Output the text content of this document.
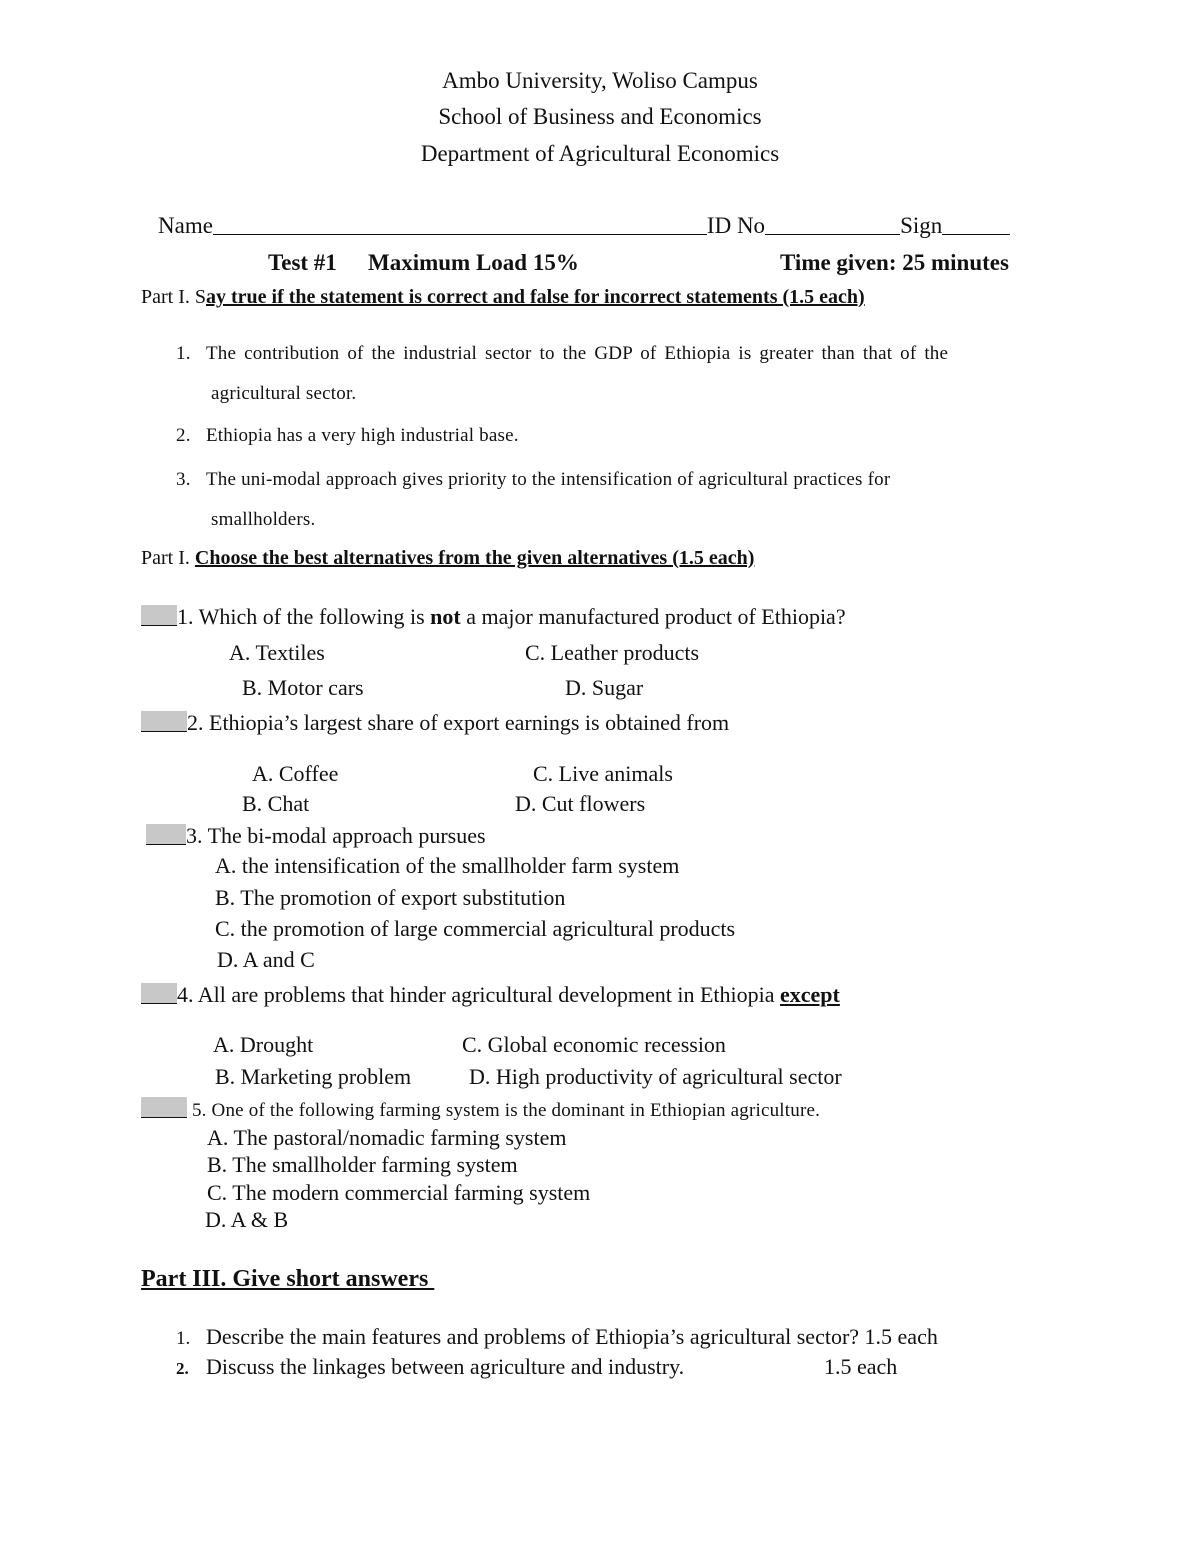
Ambo University, Woliso Campus
School of Business and Economics
Department of Agricultural Economics
Name	ID No	Sign
Test #1 Maximum Load 15%	Time given: 25 minutes
Part I. Say true if the statement is correct and false for incorrect statements (1.5 each)
1. The contribution of the industrial sector to the GDP of Ethiopia is greater than that of the
agricultural sector.
2. Ethiopia has a very high industrial base.
3. The uni-modal approach gives priority to the intensification of agricultural practices for
smallholders.
Part I. Choose the best alternatives from the given alternatives (1.5 each)
1. Which of the following is not a major manufactured product of Ethiopia?
A. Textiles	C. Leather products
B. Motor cars	D. Sugar
2. Ethiopia’s largest share of export earnings is obtained from
A. Coffee	C. Live animals
B. Chat	D. Cut flowers
3. The bi-modal approach pursues
A. the intensification of the smallholder farm system
B. The promotion of export substitution
C. the promotion of large commercial agricultural products
D. A and C
4. All are problems that hinder agricultural development in Ethiopia except
A. Drought	C. Global economic recession
B. Marketing problem	D. High productivity of agricultural sector
5. One of the following farming system is the dominant in Ethiopian agriculture.
A. The pastoral/nomadic farming system
B. The smallholder farming system
C. The modern commercial farming system
D. A & B
Part III. Give short answers
1. Describe the main features and problems of Ethiopia’s agricultural sector? 1.5 each
2. Discuss the linkages between agriculture and industry.	1.5 each
